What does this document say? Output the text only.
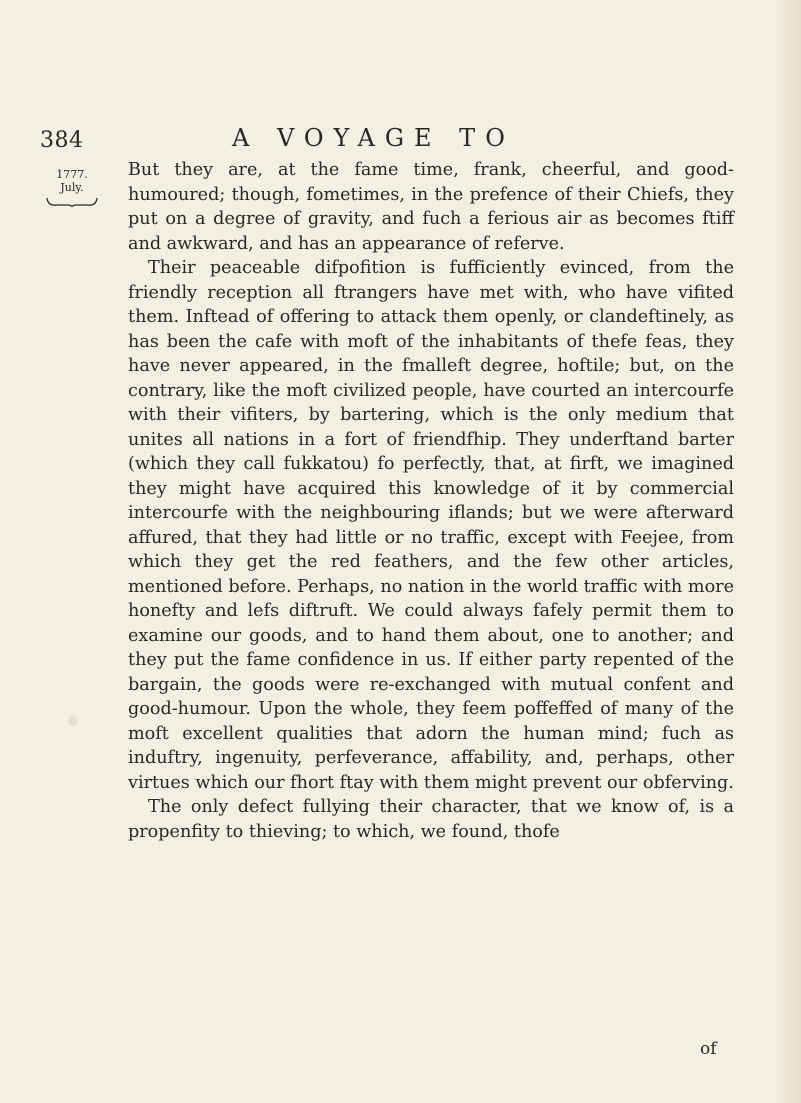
384	A VOYAGE TO
1777.
July.

But they are, at the fame time, frank, cheerful, and good-humoured; though, fometimes, in the prefence of their Chiefs, they put on a degree of gravity, and fuch a ferious air as becomes ftiff and awkward, and has an appearance of referve.

Their peaceable difpofition is fufficiently evinced, from the friendly reception all ftrangers have met with, who have vifited them. Inftead of offering to attack them openly, or clandeftinely, as has been the cafe with moft of the inhabitants of thefe feas, they have never appeared, in the fmalleft degree, hoftile; but, on the contrary, like the moft civilized people, have courted an intercourfe with their vifiters, by bartering, which is the only medium that unites all nations in a fort of friendfhip. They underftand barter (which they call fukkatou) fo perfectly, that, at firft, we imagined they might have acquired this knowledge of it by commercial intercourfe with the neighbouring iflands; but we were afterward affured, that they had little or no traffic, except with Feejee, from which they get the red feathers, and the few other articles, mentioned before. Perhaps, no nation in the world traffic with more honefty and lefs diftruft. We could always fafely permit them to examine our goods, and to hand them about, one to another; and they put the fame confidence in us. If either party repented of the bargain, the goods were re-exchanged with mutual confent and good-humour. Upon the whole, they feem poffeffed of many of the moft excellent qualities that adorn the human mind; fuch as induftry, ingenuity, perfeverance, affability, and, perhaps, other virtues which our fhort ftay with them might prevent our obferving.

The only defect fullying their character, that we know of, is a propenfity to thieving; to which, we found, thofe

of
